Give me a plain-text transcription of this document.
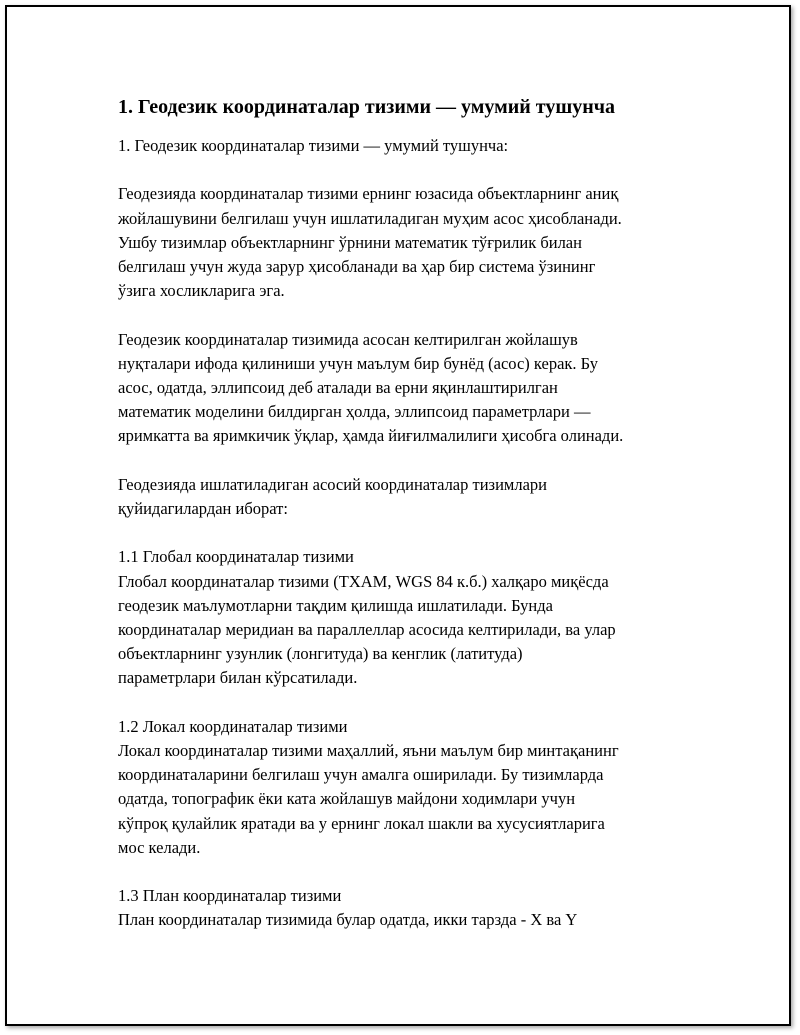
1. Геодезик координаталар тизими — умумий тушунча
1. Геодезик координаталар тизими — умумий тушунча:
Геодезияда координаталар тизими ернинг юзасида объектларнинг аниқ
жойлашувини белгилаш учун ишлатиладиган муҳим асос ҳисобланади.
Ушбу тизимлар объектларнинг ўрнини математик тўғрилик билан
белгилаш учун жуда зарур ҳисобланади ва ҳар бир система ўзининг
ўзига хосликларига эга.
Геодезик координаталар тизимида асосан келтирилган жойлашув
нуқталари ифода қилиниши учун маълум бир бунёд (асос) керак. Бу
асос, одатда, эллипсоид деб аталади ва ерни яқинлаштирилган
математик моделини билдирган ҳолда, эллипсоид параметрлари —
яримкатта ва яримкичик ўқлар, ҳамда йиғилмалилиги ҳисобга олинади.
Геодезияда ишлатиладиган асосий координаталар тизимлари
қуйидагилардан иборат:
1.1 Глобал координаталар тизими
Глобал координаталар тизими (ТХАМ, WGS 84 к.б.) халқаро миқёсда
геодезик маълумотларни тақдим қилишда ишлатилади. Бунда
координаталар меридиан ва параллеллар асосида келтирилади, ва улар
объектларнинг узунлик (лонгитуда) ва кенглик (латитуда)
параметрлари билан кўрсатилади.
1.2 Локал координаталар тизими
Локал координаталар тизими маҳаллий, яъни маълум бир минтақанинг
координаталарини белгилаш учун амалга оширилади. Бу тизимларда
одатда, топографик ёки ката жойлашув майдони ходимлари учун
кўпроқ қулайлик яратади ва у ернинг локал шакли ва хусусиятларига
мос келади.
1.3 План координаталар тизими
План координаталар тизимида булар одатда, икки тарзда - X ва Y
